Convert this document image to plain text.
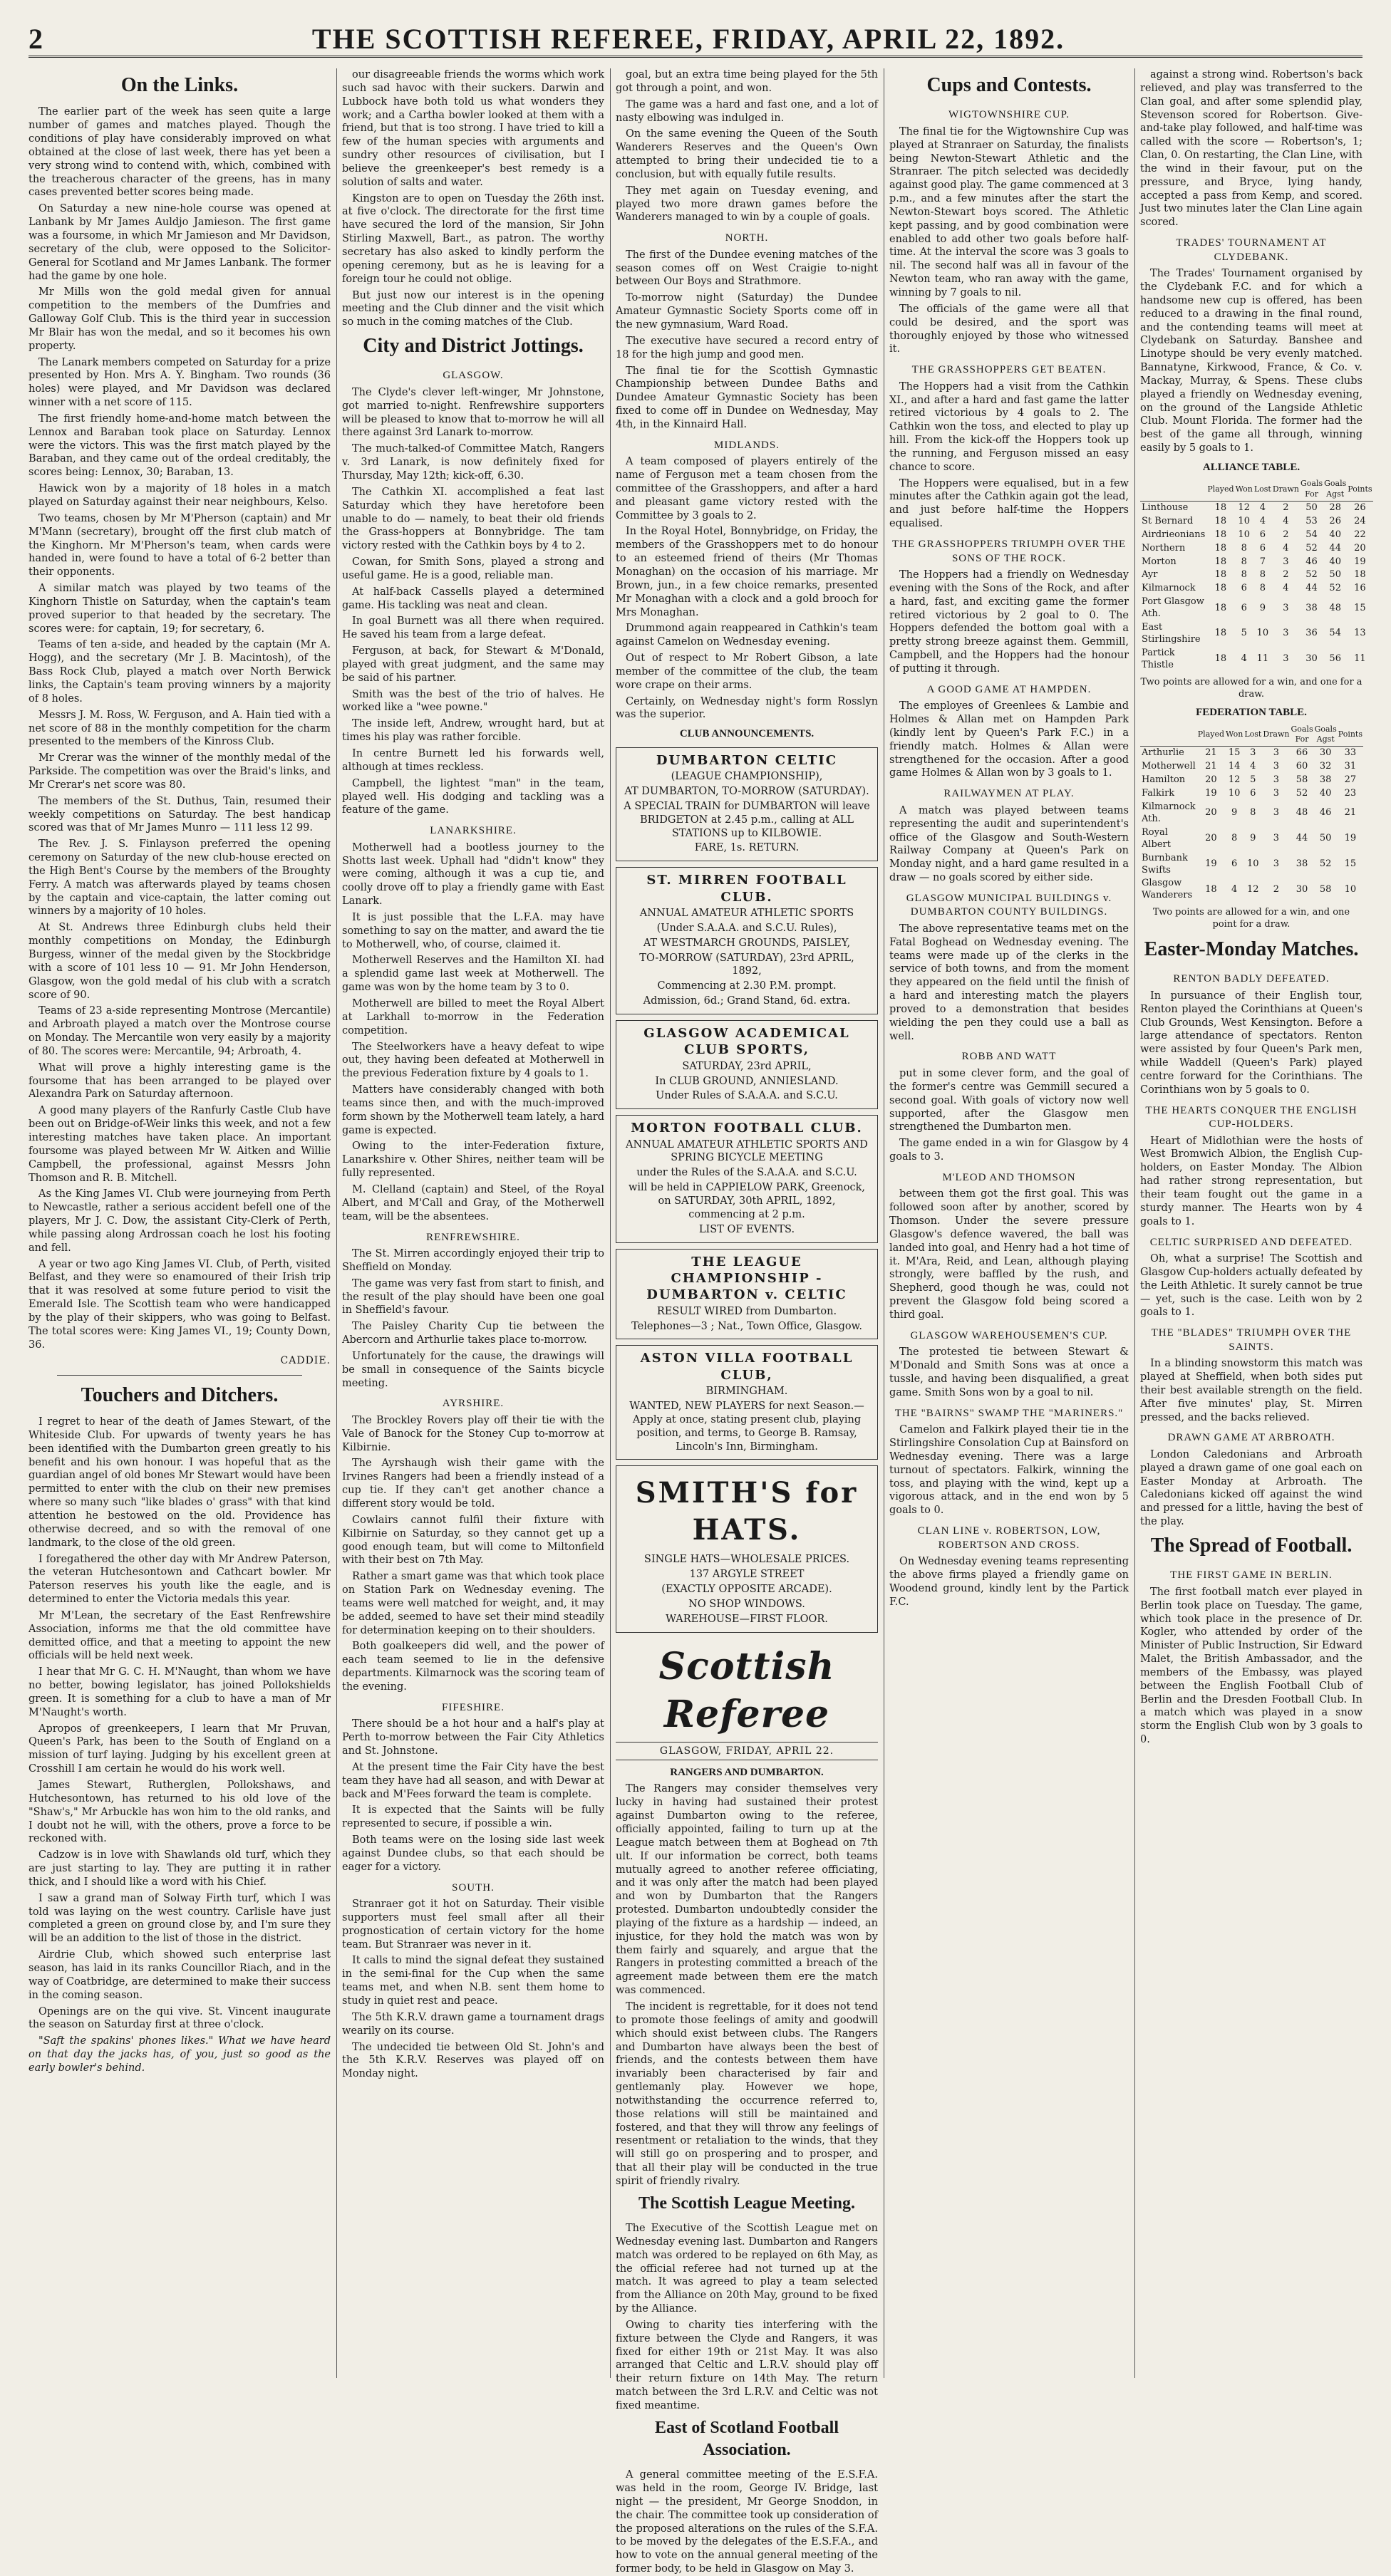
2	THE SCOTTISH REFEREE, FRIDAY, APRIL 22, 1892.
On the Links.

The earlier part of the week has seen quite a large number of games and matches played. Though the conditions of play have considerably improved on what obtained at the close of last week, there has yet been a very strong wind to contend with, which, combined with the treacherous character of the greens, has in many cases prevented better scores being made.

On Saturday a new nine-hole course was opened at Lanbank by Mr James Auldjo Jamieson. The first game was a foursome, in which Mr Jamieson and Mr Davidson, secretary of the club, were opposed to the Solicitor-General for Scotland and Mr James Lanbank. The former had the game by one hole.

Mr Mills won the gold medal given for annual competition to the members of the Dumfries and Galloway Golf Club. This is the third year in succession Mr Blair has won the medal, and so it becomes his own property.

The Lanark members competed on Saturday for a prize presented by Hon. Mrs A. Y. Bingham. Two rounds (36 holes) were played, and Mr Davidson was declared winner with a net score of 115.

The first friendly home-and-home match between the Lennox and Baraban took place on Saturday. Lennox were the victors. This was the first match played by the Baraban, and they came out of the ordeal creditably, the scores being: Lennox, 30; Baraban, 13.

Hawick won by a majority of 18 holes in a match played on Saturday against their near neighbours, Kelso.

Two teams, chosen by Mr M'Pherson (captain) and Mr M'Mann (secretary), brought off the first club match of the Kinghorn. Mr M'Pherson's team, when cards were handed in, were found to have a total of 6-2 better than their opponents.

A similar match was played by two teams of the Kinghorn Thistle on Saturday, when the captain's team proved superior to that headed by the secretary. The scores were: for captain, 19; for secretary, 6.

Teams of ten a-side, and headed by the captain (Mr A. Hogg), and the secretary (Mr J. B. Macintosh), of the Bass Rock Club, played a match over North Berwick links, the Captain's team proving winners by a majority of 8 holes.

Messrs J. M. Ross, W. Ferguson, and A. Hain tied with a net score of 88 in the monthly competition for the charm presented to the members of the Kinross Club.

Mr Crerar was the winner of the monthly medal of the Parkside. The competition was over the Braid's links, and Mr Crerar's net score was 80.

The members of the St. Duthus, Tain, resumed their weekly competitions on Saturday. The best handicap scored was that of Mr James Munro — 111 less 12 99.

The Rev. J. S. Finlayson preferred the opening ceremony on Saturday of the new club-house erected on the High Bent's Course by the members of the Broughty Ferry. A match was afterwards played by teams chosen by the captain and vice-captain, the latter coming out winners by a majority of 10 holes.

At St. Andrews three Edinburgh clubs held their monthly competitions on Monday, the Edinburgh Burgess, winner of the medal given by the Stockbridge with a score of 101 less 10 — 91. Mr John Henderson, Glasgow, won the gold medal of his club with a scratch score of 90.

Teams of 23 a-side representing Montrose (Mercantile) and Arbroath played a match over the Montrose course on Monday. The Mercantile won very easily by a majority of 80. The scores were: Mercantile, 94; Arbroath, 4.

What will prove a highly interesting game is the foursome that has been arranged to be played over Alexandra Park on Saturday afternoon.

A good many players of the Ranfurly Castle Club have been out on Bridge-of-Weir links this week, and not a few interesting matches have taken place. An important foursome was played between Mr W. Aitken and Willie Campbell, the professional, against Messrs John Thomson and R. B. Mitchell.

As the King James VI. Club were journeying from Perth to Newcastle, rather a serious accident befell one of the players, Mr J. C. Dow, the assistant City-Clerk of Perth, while passing along Ardrossan coach he lost his footing and fell.

A year or two ago King James VI. Club, of Perth, visited Belfast, and they were so enamoured of their Irish trip that it was resolved at some future period to visit the Emerald Isle. The Scottish team who were handicapped by the play of their skippers, who was going to Belfast. The total scores were: King James VI., 19; County Down, 36.

CADDIE.
Touchers and Ditchers.

I regret to hear of the death of James Stewart, of the Whiteside Club. For upwards of twenty years he has been identified with the Dumbarton green greatly to his benefit and his own honour. I was hopeful that as the guardian angel of old bones Mr Stewart would have been permitted to enter with the club on their new premises where so many such "like blades o' grass" with that kind attention he bestowed on the old. Providence has otherwise decreed, and so with the removal of one landmark, to the close of the old green.

I foregathered the other day with Mr Andrew Paterson, the veteran Hutchesontown and Cathcart bowler. Mr Paterson reserves his youth like the eagle, and is determined to enter the Victoria medals this year.

Mr M'Lean, the secretary of the East Renfrewshire Association, informs me that the old committee have demitted office, and that a meeting to appoint the new officials will be held next week.

I hear that Mr G. C. H. M'Naught, than whom we have no better, bowing legislator, has joined Pollokshields green. It is something for a club to have a man of Mr M'Naught's worth.

Apropos of greenkeepers, I learn that Mr Pruvan, Queen's Park, has been to the South of England on a mission of turf laying. Judging by his excellent green at Crosshill I am certain he would do his work well.

James Stewart, Rutherglen, Pollokshaws, and Hutchesontown, has returned to his old love of the "Shaw's," Mr Arbuckle has won him to the old ranks, and I doubt not he will, with the others, prove a force to be reckoned with.

Cadzow is in love with Shawlands old turf, which they are just starting to lay. They are putting it in rather thick, and I should like a word with his Chief.

I saw a grand man of Solway Firth turf, which I was told was laying on the west country. Carlisle have just completed a green on ground close by, and I'm sure they will be an addition to the list of those in the district.

Airdrie Club, which showed such enterprise last season, has laid in its ranks Councillor Riach, and in the way of Coatbridge, are determined to make their success in the coming season.

Openings are on the qui vive. St. Vincent inaugurate the season on Saturday first at three o'clock.

"Saft the spakins' phones likes." What we have heard on that day the jacks has, of you, just so good as the early bowler's behind.

our disagreeable friends the worms which work such sad havoc with their suckers. Darwin and Lubbock have both told us what wonders they work; and a Cartha bowler looked at them with a friend, but that is too strong. I have tried to kill a few of the human species with arguments and sundry other resources of civilisation, but I believe the greenkeeper's best remedy is a solution of salts and water.

Kingston are to open on Tuesday the 26th inst. at five o'clock. The directorate for the first time have secured the lord of the mansion, Sir John Stirling Maxwell, Bart., as patron. The worthy secretary has also asked to kindly perform the opening ceremony, but as he is leaving for a foreign tour he could not oblige.

But just now our interest is in the opening meeting and the Club dinner and the visit which so much in the coming matches of the Club.

City and District Jottings.
GLASGOW.

The Clyde's clever left-winger, Mr Johnstone, got married to-night. Renfrewshire supporters will be pleased to know that to-morrow he will all there against 3rd Lanark to-morrow.

The much-talked-of Committee Match, Rangers v. 3rd Lanark, is now definitely fixed for Thursday, May 12th; kick-off, 6.30.

The Cathkin XI. accomplished a feat last Saturday which they have heretofore been unable to do — namely, to beat their old friends the Grass-hoppers at Bonnybridge. The tam victory rested with the Cathkin boys by 4 to 2.

Cowan, for Smith Sons, played a strong and useful game. He is a good, reliable man.

At half-back Cassells played a determined game. His tackling was neat and clean.

In goal Burnett was all there when required. He saved his team from a large defeat.

Ferguson, at back, for Stewart & M'Donald, played with great judgment, and the same may be said of his partner.

Smith was the best of the trio of halves. He worked like a "wee powne."

The inside left, Andrew, wrought hard, but at times his play was rather forcible.

In centre Burnett led his forwards well, although at times reckless.

Campbell, the lightest "man" in the team, played well. His dodging and tackling was a feature of the game.

LANARKSHIRE.

Motherwell had a bootless journey to the Shotts last week. Uphall had "didn't know" they were coming, although it was a cup tie, and coolly drove off to play a friendly game with East Lanark.

It is just possible that the L.F.A. may have something to say on the matter, and award the tie to Motherwell, who, of course, claimed it.

Motherwell Reserves and the Hamilton XI. had a splendid game last week at Motherwell. The game was won by the home team by 3 to 0.

Motherwell are billed to meet the Royal Albert at Larkhall to-morrow in the Federation competition.

The Steelworkers have a heavy defeat to wipe out, they having been defeated at Motherwell in the previous Federation fixture by 4 goals to 1.

Matters have considerably changed with both teams since then, and with the much-improved form shown by the Motherwell team lately, a hard game is expected.

Owing to the inter-Federation fixture, Lanarkshire v. Other Shires, neither team will be fully represented.

M. Clelland (captain) and Steel, of the Royal Albert, and M'Call and Gray, of the Motherwell team, will be the absentees.

RENFREWSHIRE.

The St. Mirren accordingly enjoyed their trip to Sheffield on Monday.

The game was very fast from start to finish, and the result of the play should have been one goal in Sheffield's favour.

The Paisley Charity Cup tie between the Abercorn and Arthurlie takes place to-morrow.

Unfortunately for the cause, the drawings will be small in consequence of the Saints bicycle meeting.

AYRSHIRE.

The Brockley Rovers play off their tie with the Vale of Banock for the Stoney Cup to-morrow at Kilbirnie.

The Ayrshaugh wish their game with the Irvines Rangers had been a friendly instead of a cup tie. If they can't get another chance a different story would be told.

Cowlairs cannot fulfil their fixture with Kilbirnie on Saturday, so they cannot get up a good enough team, but will come to Miltonfield with their best on 7th May.

Rather a smart game was that which took place on Station Park on Wednesday evening. The teams were well matched for weight, and, it may be added, seemed to have set their mind steadily for determination keeping on to their shoulders.

Both goalkeepers did well, and the power of each team seemed to lie in the defensive departments. Kilmarnock was the scoring team of the evening.

FIFESHIRE.

There should be a hot hour and a half's play at Perth to-morrow between the Fair City Athletics and St. Johnstone.

At the present time the Fair City have the best team they have had all season, and with Dewar at back and M'Fees forward the team is complete.

It is expected that the Saints will be fully represented to secure, if possible a win.

Both teams were on the losing side last week against Dundee clubs, so that each should be eager for a victory.

SOUTH.

Stranraer got it hot on Saturday. Their visible supporters must feel small after all their prognostication of certain victory for the home team. But Stranraer was never in it.

It calls to mind the signal defeat they sustained in the semi-final for the Cup when the same teams met, and when N.B. sent them home to study in quiet rest and peace.

The 5th K.R.V. drawn game a tournament drags wearily on its course.

The undecided tie between Old St. John's and the 5th K.R.V. Reserves was played off on Monday night.

goal, but an extra time being played for the 5th got through a point, and won.

The game was a hard and fast one, and a lot of nasty elbowing was indulged in.

On the same evening the Queen of the South Wanderers Reserves and the Queen's Own attempted to bring their undecided tie to a conclusion, but with equally futile results.

They met again on Tuesday evening, and played two more drawn games before the Wanderers managed to win by a couple of goals.

NORTH.

The first of the Dundee evening matches of the season comes off on West Craigie to-night between Our Boys and Strathmore.

To-morrow night (Saturday) the Dundee Amateur Gymnastic Society Sports come off in the new gymnasium, Ward Road.

The executive have secured a record entry of 18 for the high jump and good men.

The final tie for the Scottish Gymnastic Championship between Dundee Baths and Dundee Amateur Gymnastic Society has been fixed to come off in Dundee on Wednesday, May 4th, in the Kinnaird Hall.

MIDLANDS.

A team composed of players entirely of the name of Ferguson met a team chosen from the committee of the Grasshoppers, and after a hard and pleasant game victory rested with the Committee by 3 goals to 2.

In the Royal Hotel, Bonnybridge, on Friday, the members of the Grasshoppers met to do honour to an esteemed friend of theirs (Mr Thomas Monaghan) on the occasion of his marriage. Mr Brown, jun., in a few choice remarks, presented Mr Monaghan with a clock and a gold brooch for Mrs Monaghan.

Drummond again reappeared in Cathkin's team against Camelon on Wednesday evening.

Out of respect to Mr Robert Gibson, a late member of the committee of the club, the team wore crape on their arms.

Certainly, on Wednesday night's form Rosslyn was the superior.

CLUB ANNOUNCEMENTS.
DUMBARTON CELTIC
(LEAGUE CHAMPIONSHIP),
AT DUMBARTON, TO-MORROW (SATURDAY).
A SPECIAL TRAIN for DUMBARTON will leave BRIDGETON at 2.45 p.m., calling at ALL STATIONS up to KILBOWIE.
FARE, 1s. RETURN.
ST. MIRREN FOOTBALL CLUB.
ANNUAL AMATEUR ATHLETIC SPORTS
(Under S.A.A.A. and S.C.U. Rules),
AT WESTMARCH GROUNDS, PAISLEY,
TO-MORROW (SATURDAY), 23rd APRIL, 1892,
Commencing at 2.30 P.M. prompt.
Admission, 6d.; Grand Stand, 6d. extra.
GLASGOW ACADEMICAL CLUB SPORTS,
SATURDAY, 23rd APRIL,
In CLUB GROUND, ANNIESLAND.
Under Rules of S.A.A.A. and S.C.U.
MORTON FOOTBALL CLUB.
ANNUAL AMATEUR ATHLETIC SPORTS AND SPRING BICYCLE MEETING
under the Rules of the S.A.A.A. and S.C.U.
will be held in CAPPIELOW PARK, Greenock, on SATURDAY, 30th APRIL, 1892, commencing at 2 p.m.
LIST OF EVENTS.
THE LEAGUE CHAMPIONSHIP - DUMBARTON v. CELTIC
RESULT WIRED from Dumbarton.
Telephones—3 ; Nat., Town Office, Glasgow.
ASTON VILLA FOOTBALL CLUB,
BIRMINGHAM.
WANTED, NEW PLAYERS for next Season.—Apply at once, stating present club, playing position, and terms, to George B. Ramsay, Lincoln's Inn, Birmingham.
SMITH'S for HATS.
SINGLE HATS—WHOLESALE PRICES.
137 ARGYLE STREET
(EXACTLY OPPOSITE ARCADE).
NO SHOP WINDOWS.
WAREHOUSE—FIRST FLOOR.
Scottish Referee
GLASGOW, FRIDAY, APRIL 22.
RANGERS AND DUMBARTON.

The Rangers may consider themselves very lucky in having had sustained their protest against Dumbarton owing to the referee, officially appointed, failing to turn up at the League match between them at Boghead on 7th ult. If our information be correct, both teams mutually agreed to another referee officiating, and it was only after the match had been played and won by Dumbarton that the Rangers protested. Dumbarton undoubtedly consider the playing of the fixture as a hardship — indeed, an injustice, for they hold the match was won by them fairly and squarely, and argue that the Rangers in protesting committed a breach of the agreement made between them ere the match was commenced.

The incident is regrettable, for it does not tend to promote those feelings of amity and goodwill which should exist between clubs. The Rangers and Dumbarton have always been the best of friends, and the contests between them have invariably been characterised by fair and gentlemanly play. However we hope, notwithstanding the occurrence referred to, those relations will still be maintained and fostered, and that they will throw any feelings of resentment or retaliation to the winds, that they will still go on prospering and to prosper, and that all their play will be conducted in the true spirit of friendly rivalry.

The Scottish League Meeting.

The Executive of the Scottish League met on Wednesday evening last. Dumbarton and Rangers match was ordered to be replayed on 6th May, as the official referee had not turned up at the match. It was agreed to play a team selected from the Alliance on 20th May, ground to be fixed by the Alliance.

Owing to charity ties interfering with the fixture between the Clyde and Rangers, it was fixed for either 19th or 21st May. It was also arranged that Celtic and L.R.V. should play off their return fixture on 14th May. The return match between the 3rd L.R.V. and Celtic was not fixed meantime.

East of Scotland Football Association.

A general committee meeting of the E.S.F.A. was held in the room, George IV. Bridge, last night — the president, Mr George Snoddon, in the chair. The committee took up consideration of the proposed alterations on the rules of the S.F.A. to be moved by the delegates of the E.S.F.A., and how to vote on the annual general meeting of the former body, to be held in Glasgow on May 3.

Cups and Contests.
WIGTOWNSHIRE CUP.

The final tie for the Wigtownshire Cup was played at Stranraer on Saturday, the finalists being Newton-Stewart Athletic and the Stranraer. The pitch selected was decidedly against good play. The game commenced at 3 p.m., and a few minutes after the start the Newton-Stewart boys scored. The Athletic kept passing, and by good combination were enabled to add other two goals before half-time. At the interval the score was 3 goals to nil. The second half was all in favour of the Newton team, who ran away with the game, winning by 7 goals to nil.

The officials of the game were all that could be desired, and the sport was thoroughly enjoyed by those who witnessed it.

THE GRASSHOPPERS GET BEATEN.

The Hoppers had a visit from the Cathkin XI., and after a hard and fast game the latter retired victorious by 4 goals to 2. The Cathkin won the toss, and elected to play up hill. From the kick-off the Hoppers took up the running, and Ferguson missed an easy chance to score.

The Hoppers were equalised, but in a few minutes after the Cathkin again got the lead, and just before half-time the Hoppers equalised.

THE GRASSHOPPERS TRIUMPH OVER THE SONS OF THE ROCK.

The Hoppers had a friendly on Wednesday evening with the Sons of the Rock, and after a hard, fast, and exciting game the former retired victorious by 2 goal to 0. The Hoppers defended the bottom goal with a pretty strong breeze against them. Gemmill, Campbell, and the Hoppers had the honour of putting it through.

A GOOD GAME AT HAMPDEN.

The employes of Greenlees & Lambie and Holmes & Allan met on Hampden Park (kindly lent by Queen's Park F.C.) in a friendly match. Holmes & Allan were strengthened for the occasion. After a good game Holmes & Allan won by 3 goals to 1.

RAILWAYMEN AT PLAY.

A match was played between teams representing the audit and superintendent's office of the Glasgow and South-Western Railway Company at Queen's Park on Monday night, and a hard game resulted in a draw — no goals scored by either side.

GLASGOW MUNICIPAL BUILDINGS v. DUMBARTON COUNTY BUILDINGS.

The above representative teams met on the Fatal Boghead on Wednesday evening. The teams were made up of the clerks in the service of both towns, and from the moment they appeared on the field until the finish of a hard and interesting match the players proved to a demonstration that besides wielding the pen they could use a ball as well.

ROBB AND WATT

put in some clever form, and the goal of the former's centre was Gemmill secured a second goal. With goals of victory now well supported, after the Glasgow men strengthened the Dumbarton men.

The game ended in a win for Glasgow by 4 goals to 3.

M'LEOD AND THOMSON

between them got the first goal. This was followed soon after by another, scored by Thomson. Under the severe pressure Glasgow's defence wavered, the ball was landed into goal, and Henry had a hot time of it. M'Ara, Reid, and Lean, although playing strongly, were baffled by the rush, and Shepherd, good though he was, could not prevent the Glasgow fold being scored a third goal.

GLASGOW WAREHOUSEMEN'S CUP.

The protested tie between Stewart & M'Donald and Smith Sons was at once a tussle, and having been disqualified, a great game. Smith Sons won by a goal to nil.

THE "BAIRNS" SWAMP THE "MARINERS."

Camelon and Falkirk played their tie in the Stirlingshire Consolation Cup at Bainsford on Wednesday evening. There was a large turnout of spectators. Falkirk, winning the toss, and playing with the wind, kept up a vigorous attack, and in the end won by 5 goals to 0.

CLAN LINE v. ROBERTSON, LOW, ROBERTSON AND CROSS.

On Wednesday evening teams representing the above firms played a friendly game on Woodend ground, kindly lent by the Partick F.C.

against a strong wind. Robertson's back relieved, and play was transferred to the Clan goal, and after some splendid play, Stevenson scored for Robertson. Give-and-take play followed, and half-time was called with the score — Robertson's, 1; Clan, 0. On restarting, the Clan Line, with the wind in their favour, put on the pressure, and Bryce, lying handy, accepted a pass from Kemp, and scored. Just two minutes later the Clan Line again scored.

TRADES' TOURNAMENT AT CLYDEBANK.

The Trades' Tournament organised by the Clydebank F.C. and for which a handsome new cup is offered, has been reduced to a drawing in the final round, and the contending teams will meet at Clydebank on Saturday. Banshee and Linotype should be very evenly matched. Bannatyne, Kirkwood, France, & Co. v. Mackay, Murray, & Spens. These clubs played a friendly on Wednesday evening, on the ground of the Langside Athletic Club. Mount Florida. The former had the best of the game all through, winning easily by 5 goals to 1.

ALLIANCE TABLE.
	Played	Won	Lost	Drawn	Goals For	Goals Agst	Points
Linthouse	18	12	4	2	50	28	26
St Bernard	18	10	4	4	53	26	24
Airdrieonians	18	10	6	2	54	40	22
Northern	18	8	6	4	52	44	20
Morton	18	8	7	3	46	40	19
Ayr	18	8	8	2	52	50	18
Kilmarnock	18	6	8	4	44	52	16
Port Glasgow Ath.	18	6	9	3	38	48	15
East Stirlingshire	18	5	10	3	36	54	13
Partick Thistle	18	4	11	3	30	56	11
Two points are allowed for a win, and one for a draw.
FEDERATION TABLE.
	Played	Won	Lost	Drawn	Goals For	Goals Agst	Points
Arthurlie	21	15	3	3	66	30	33
Motherwell	21	14	4	3	60	32	31
Hamilton	20	12	5	3	58	38	27
Falkirk	19	10	6	3	52	40	23
Kilmarnock Ath.	20	9	8	3	48	46	21
Royal Albert	20	8	9	3	44	50	19
Burnbank Swifts	19	6	10	3	38	52	15
Glasgow Wanderers	18	4	12	2	30	58	10
Two points are allowed for a win, and one point for a draw.
Easter-Monday Matches.
RENTON BADLY DEFEATED.

In pursuance of their English tour, Renton played the Corinthians at Queen's Club Grounds, West Kensington. Before a large attendance of spectators. Renton were assisted by four Queen's Park men, while Waddell (Queen's Park) played centre forward for the Corinthians. The Corinthians won by 5 goals to 0.

THE HEARTS CONQUER THE ENGLISH CUP-HOLDERS.

Heart of Midlothian were the hosts of West Bromwich Albion, the English Cup-holders, on Easter Monday. The Albion had rather strong representation, but their team fought out the game in a sturdy manner. The Hearts won by 4 goals to 1.

CELTIC SURPRISED AND DEFEATED.

Oh, what a surprise! The Scottish and Glasgow Cup-holders actually defeated by the Leith Athletic. It surely cannot be true — yet, such is the case. Leith won by 2 goals to 1.

THE "BLADES" TRIUMPH OVER THE SAINTS.

In a blinding snowstorm this match was played at Sheffield, when both sides put their best available strength on the field. After five minutes' play, St. Mirren pressed, and the backs relieved.

DRAWN GAME AT ARBROATH.

London Caledonians and Arbroath played a drawn game of one goal each on Easter Monday at Arbroath. The Caledonians kicked off against the wind and pressed for a little, having the best of the play.

The Spread of Football.
THE FIRST GAME IN BERLIN.

The first football match ever played in Berlin took place on Tuesday. The game, which took place in the presence of Dr. Kogler, who attended by order of the Minister of Public Instruction, Sir Edward Malet, the British Ambassador, and the members of the Embassy, was played between the English Football Club of Berlin and the Dresden Football Club. In a match which was played in a snow storm the English Club won by 3 goals to 0.
